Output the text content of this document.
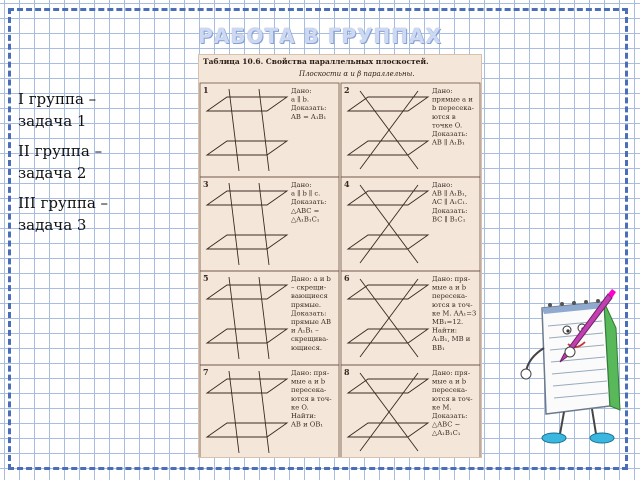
РАБОТА В ГРУППАХ
I группа –
задача 1
II группа –
задача 2
III группа –
задача 3
Таблица 10.6. Свойства параллельных плоскостей.
Плоскости α и β параллельны.
1	Дано:
a ∥ b.
Доказать:
AB = A₁B₁
2	Дано:
прямые a и
b пересека-
ются в
точке O.
Доказать:
AB ∥ A₁B₁
3	Дано:
a ∥ b ∥ c.
Доказать:
△ABC =
△A₁B₁C₁
4	Дано:
AB ∥ A₁B₁,
AC ∥ A₁C₁.
Доказать:
BC ∥ B₁C₁
5	Дано: a и b
– скрещи-
вающиеся
прямые.
Доказать:
прямые AB
и A₁B₁ –
скрещива-
ющиеся.
6	Дано: пря-
мые a и b
пересека-
ются в точ-
ке M. AA₁=3
MB₁=12.
Найти:
A₁B₁, MB и
BB₁
7	Дано: пря-
мые a и b
пересека-
ются в точ-
ке O.
Найти:
AB и OB₁
8	Дано: пря-
мые a и b
пересека-
ются в точ-
ке M.
Доказать:
△ABC ~
△A₁B₁C₁
